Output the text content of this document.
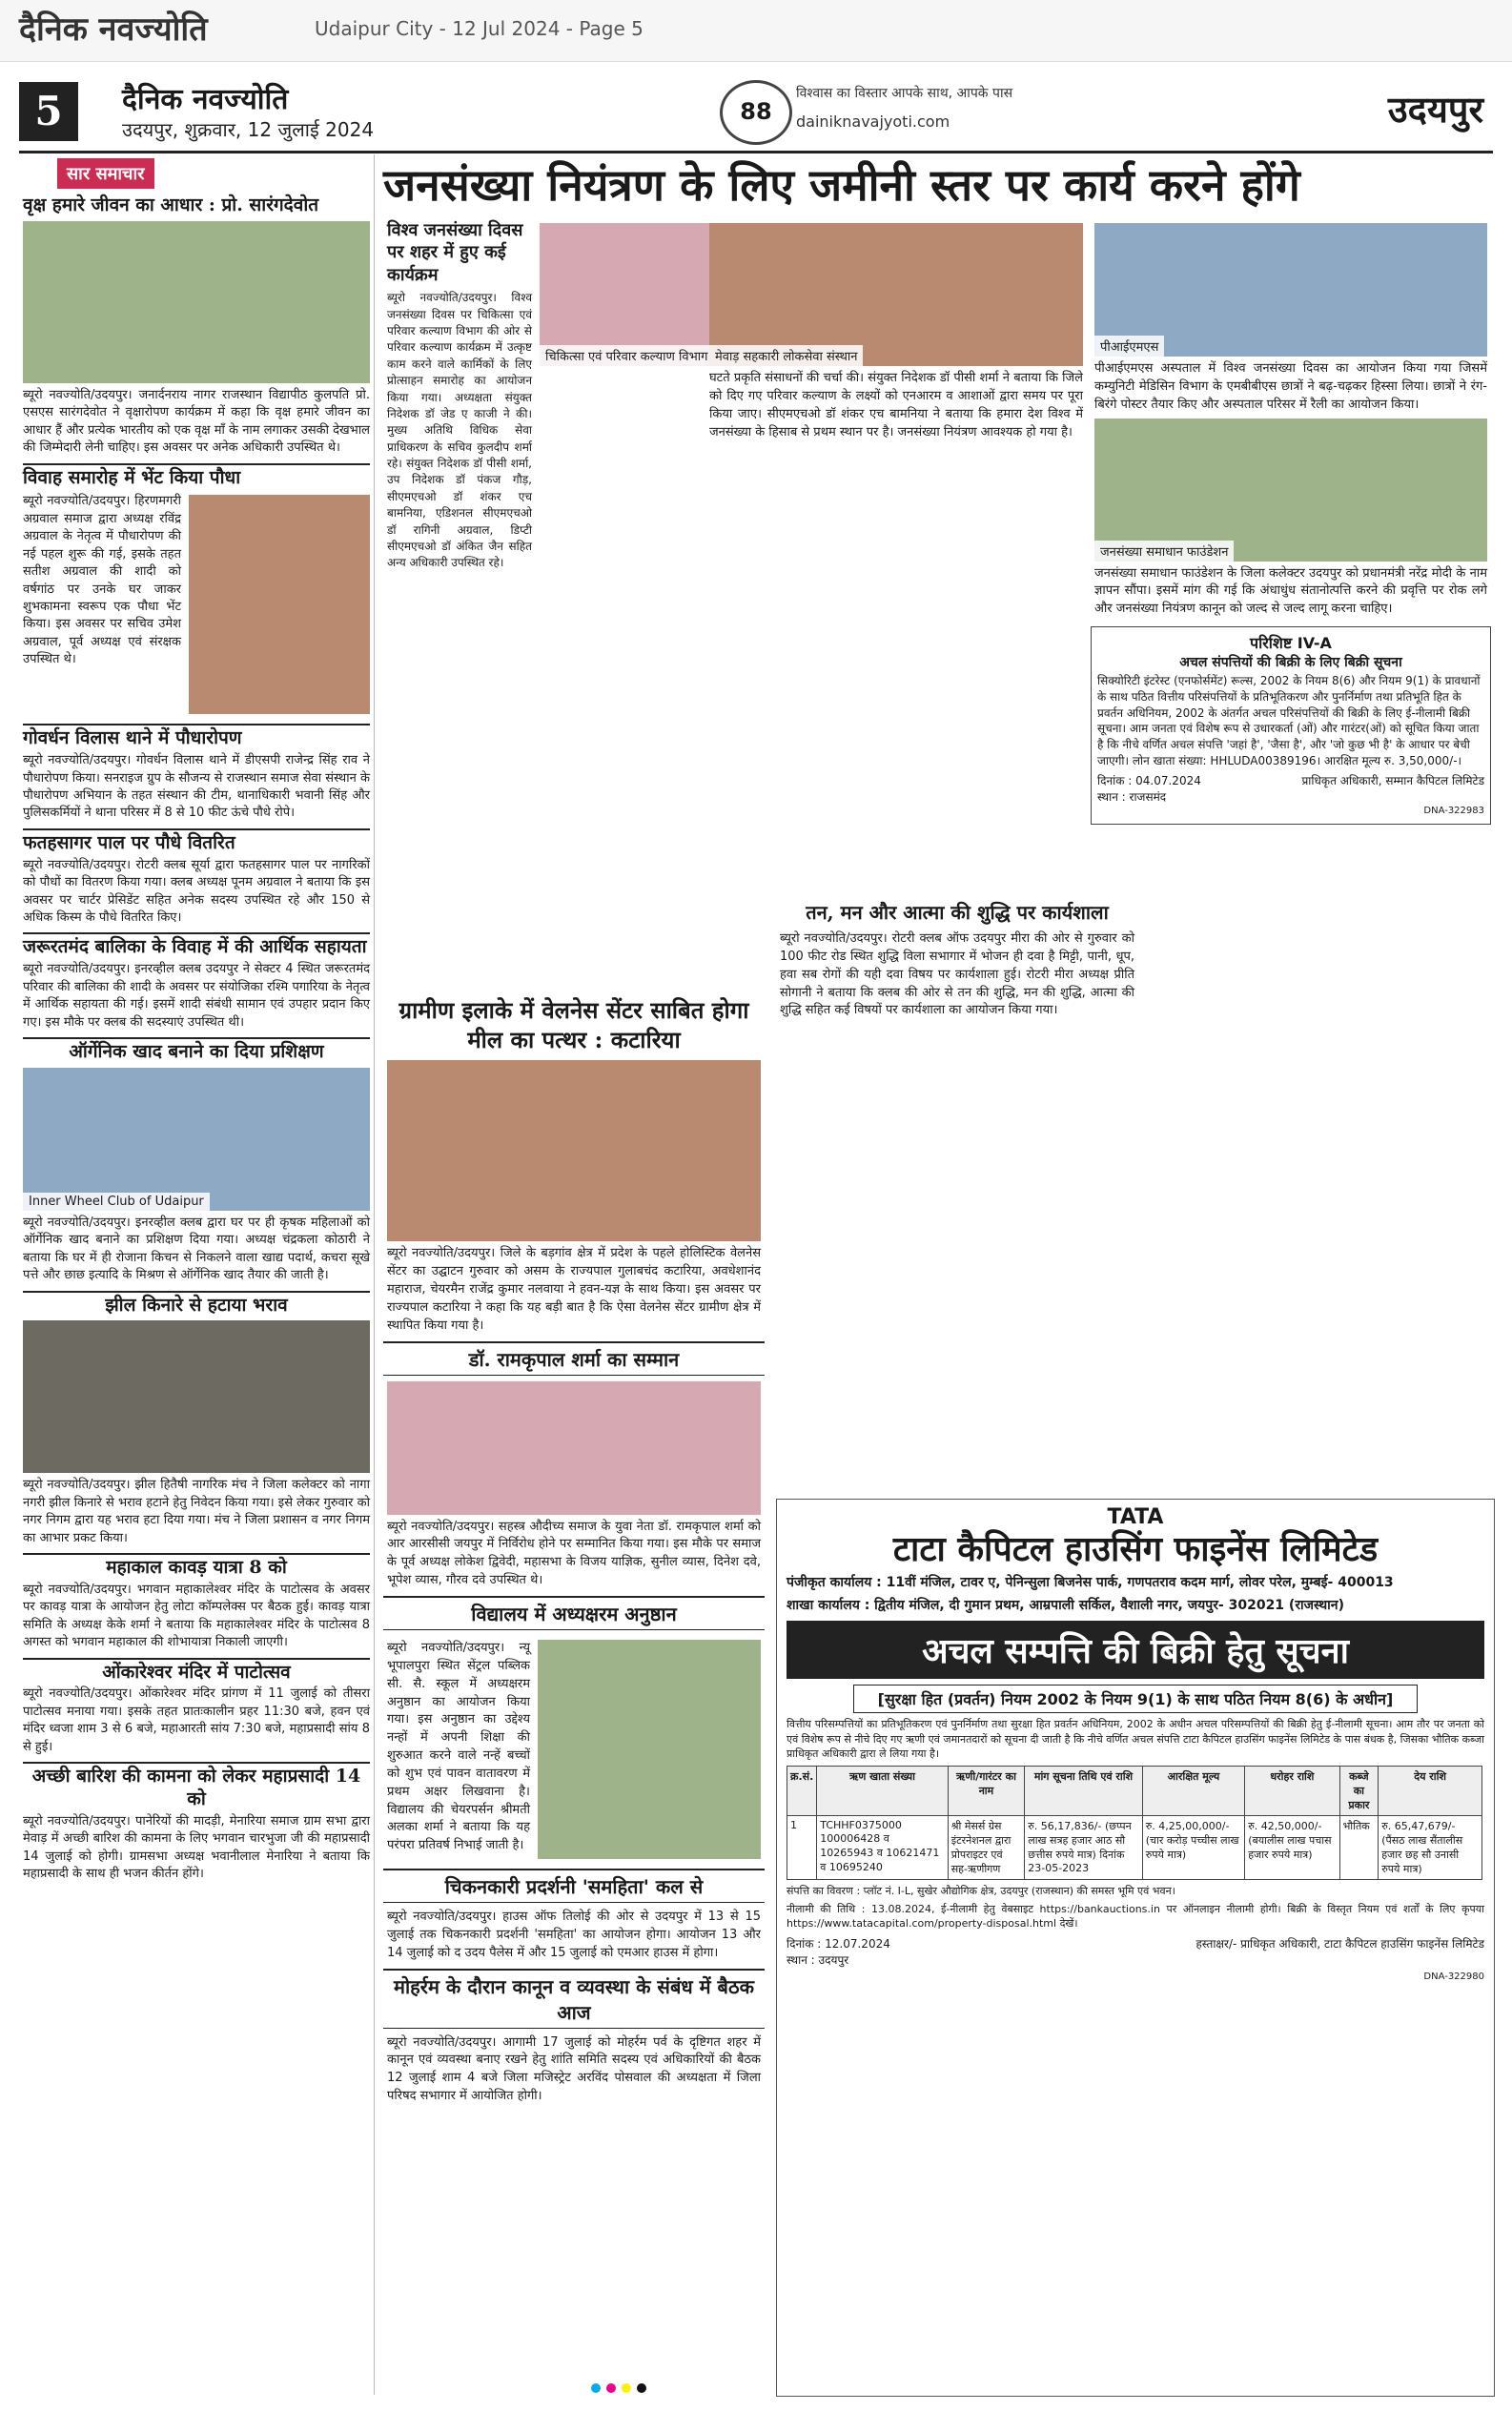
दैनिक नवज्योति	Udaipur City - 12 Jul 2024 - Page 5
5	दैनिक नवज्योति
उदयपुर, शुक्रवार, 12 जुलाई 2024
88
विश्वास का विस्तार आपके साथ, आपके पास
dainiknavajyoti.com	उदयपुर
सार समाचार
वृक्ष हमारे जीवन का आधार : प्रो. सारंगदेवोत
ब्यूरो नवज्योति/उदयपुर। जनार्दनराय नागर राजस्थान विद्यापीठ कुलपति प्रो. एसएस सारंगदेवोत ने वृक्षारोपण कार्यक्रम में कहा कि वृक्ष हमारे जीवन का आधार हैं और प्रत्येक भारतीय को एक वृक्ष माँ के नाम लगाकर उसकी देखभाल की जिम्मेदारी लेनी चाहिए। इस अवसर पर अनेक अधिकारी उपस्थित थे।
विवाह समारोह में भेंट किया पौधा
ब्यूरो नवज्योति/उदयपुर। हिरणमगरी अग्रवाल समाज द्वारा अध्यक्ष रविंद्र अग्रवाल के नेतृत्व में पौधारोपण की नई पहल शुरू की गई, इसके तहत सतीश अग्रवाल की शादी को वर्षगांठ पर उनके घर जाकर शुभकामना स्वरूप एक पौधा भेंट किया। इस अवसर पर सचिव उमेश अग्रवाल, पूर्व अध्यक्ष एवं संरक्षक उपस्थित थे।
गोवर्धन विलास थाने में पौधारोपण
ब्यूरो नवज्योति/उदयपुर। गोवर्धन विलास थाने में डीएसपी राजेन्द्र सिंह राव ने पौधारोपण किया। सनराइज ग्रुप के सौजन्य से राजस्थान समाज सेवा संस्थान के पौधारोपण अभियान के तहत संस्थान की टीम, थानाधिकारी भवानी सिंह और पुलिसकर्मियों ने थाना परिसर में 8 से 10 फीट ऊंचे पौधे रोपे।
फतहसागर पाल पर पौधे वितरित
ब्यूरो नवज्योति/उदयपुर। रोटरी क्लब सूर्या द्वारा फतहसागर पाल पर नागरिकों को पौधों का वितरण किया गया। क्लब अध्यक्ष पूनम अग्रवाल ने बताया कि इस अवसर पर चार्टर प्रेसिडेंट सहित अनेक सदस्य उपस्थित रहे और 150 से अधिक किस्म के पौधे वितरित किए।
जरूरतमंद बालिका के विवाह में की आर्थिक सहायता
ब्यूरो नवज्योति/उदयपुर। इनरव्हील क्लब उदयपुर ने सेक्टर 4 स्थित जरूरतमंद परिवार की बालिका की शादी के अवसर पर संयोजिका रश्मि पगारिया के नेतृत्व में आर्थिक सहायता की गई। इसमें शादी संबंधी सामान एवं उपहार प्रदान किए गए। इस मौके पर क्लब की सदस्याएं उपस्थित थी।
ऑर्गेनिक खाद बनाने का दिया प्रशिक्षण
Inner Wheel Club of Udaipur
ब्यूरो नवज्योति/उदयपुर। इनरव्हील क्लब द्वारा घर पर ही कृषक महिलाओं को ऑर्गेनिक खाद बनाने का प्रशिक्षण दिया गया। अध्यक्ष चंद्रकला कोठारी ने बताया कि घर में ही रोजाना किचन से निकलने वाला खाद्य पदार्थ, कचरा सूखे पत्ते और छाछ इत्यादि के मिश्रण से ऑर्गेनिक खाद तैयार की जाती है।
झील किनारे से हटाया भराव
ब्यूरो नवज्योति/उदयपुर। झील हितैषी नागरिक मंच ने जिला कलेक्टर को नागा नगरी झील किनारे से भराव हटाने हेतु निवेदन किया गया। इसे लेकर गुरुवार को नगर निगम द्वारा यह भराव हटा दिया गया। मंच ने जिला प्रशासन व नगर निगम का आभार प्रकट किया।
महाकाल कावड़ यात्रा 8 को
ब्यूरो नवज्योति/उदयपुर। भगवान महाकालेश्वर मंदिर के पाटोत्सव के अवसर पर कावड़ यात्रा के आयोजन हेतु लोटा कॉम्पलेक्स पर बैठक हुई। कावड़ यात्रा समिति के अध्यक्ष केके शर्मा ने बताया कि महाकालेश्वर मंदिर के पाटोत्सव 8 अगस्त को भगवान महाकाल की शोभायात्रा निकाली जाएगी।
ओंकारेश्वर मंदिर में पाटोत्सव
ब्यूरो नवज्योति/उदयपुर। ओंकारेश्वर मंदिर प्रांगण में 11 जुलाई को तीसरा पाटोत्सव मनाया गया। इसके तहत प्रातःकालीन प्रहर 11:30 बजे, हवन एवं मंदिर ध्वजा शाम 3 से 6 बजे, महाआरती सांय 7:30 बजे, महाप्रसादी सांय 8 से हुई।
अच्छी बारिश की कामना को लेकर महाप्रसादी 14 को
ब्यूरो नवज्योति/उदयपुर। पानेरियों की मादड़ी, मेनारिया समाज ग्राम सभा द्वारा मेवाड़ में अच्छी बारिश की कामना के लिए भगवान चारभुजा जी की महाप्रसादी 14 जुलाई को होगी। ग्रामसभा अध्यक्ष भवानीलाल मेनारिया ने बताया कि महाप्रसादी के साथ ही भजन कीर्तन होंगे।
जनसंख्या नियंत्रण के लिए जमीनी स्तर पर कार्य करने होंगे
विश्व जनसंख्या दिवस पर शहर में हुए कई कार्यक्रम
ब्यूरो नवज्योति/उदयपुर। विश्व जनसंख्या दिवस पर चिकित्सा एवं परिवार कल्याण विभाग की ओर से परिवार कल्याण कार्यक्रम में उत्कृष्ट काम करने वाले कार्मिकों के लिए प्रोत्साहन समारोह का आयोजन किया गया। अध्यक्षता संयुक्त निदेशक डॉ जेड ए काजी ने की। मुख्य अतिथि विधिक सेवा प्राधिकरण के सचिव कुलदीप शर्मा रहे। संयुक्त निदेशक डॉ पीसी शर्मा, उप निदेशक डॉ पंकज गौड़, सीएमएचओ डॉ शंकर एच बामनिया, एडिशनल सीएमएचओ डॉ रागिनी अग्रवाल, डिप्टी सीएमएचओ डॉ अंकित जैन सहित अन्य अधिकारी उपस्थित रहे।
चिकित्सा एवं परिवार कल्याण विभाग मेवाड़ सहकारी लोकसेवा संस्थान
घटते प्रकृति संसाधनों की चर्चा की। संयुक्त निदेशक डॉ पीसी शर्मा ने बताया कि जिले को दिए गए परिवार कल्याण के लक्ष्यों को एनआरम व आशाओं द्वारा समय पर पूरा किया जाए। सीएमएचओ डॉ शंकर एच बामनिया ने बताया कि हमारा देश विश्व में जनसंख्या के हिसाब से प्रथम स्थान पर है। जनसंख्या नियंत्रण आवश्यक हो गया है।
पीआईएमएस
पीआईएमएस अस्पताल में विश्व जनसंख्या दिवस का आयोजन किया गया जिसमें कम्युनिटी मेडिसिन विभाग के एमबीबीएस छात्रों ने बढ़-चढ़कर हिस्सा लिया। छात्रों ने रंग-बिरंगे पोस्टर तैयार किए और अस्पताल परिसर में रैली का आयोजन किया।
जनसंख्या समाधान फाउंडेशन
जनसंख्या समाधान फाउंडेशन के जिला कलेक्टर उदयपुर को प्रधानमंत्री नरेंद्र मोदी के नाम ज्ञापन सौंपा। इसमें मांग की गई कि अंधाधुंध संतानोत्पत्ति करने की प्रवृत्ति पर रोक लगे और जनसंख्या नियंत्रण कानून को जल्द से जल्द लागू करना चाहिए।
परिशिष्ट IV-A
अचल संपत्तियों की बिक्री के लिए बिक्री सूचना
सिक्योरिटी इंटरेस्ट (एनफोर्समेंट) रूल्स, 2002 के नियम 8(6) और नियम 9(1) के प्रावधानों के साथ पठित वित्तीय परिसंपत्तियों के प्रतिभूतिकरण और पुनर्निर्माण तथा प्रतिभूति हित के प्रवर्तन अधिनियम, 2002 के अंतर्गत अचल परिसंपत्तियों की बिक्री के लिए ई-नीलामी बिक्री सूचना। आम जनता एवं विशेष रूप से उधारकर्ता (ओं) और गारंटर(ओं) को सूचित किया जाता है कि नीचे वर्णित अचल संपत्ति 'जहां है', 'जैसा है', और 'जो कुछ भी है' के आधार पर बेची जाएगी। लोन खाता संख्या: HHLUDA00389196। आरक्षित मूल्य रु. 3,50,000/-।
दिनांक : 04.07.2024	प्राधिकृत अधिकारी, सम्मान कैपिटल लिमिटेड
स्थान : राजसमंद
DNA-322983
ग्रामीण इलाके में वेलनेस सेंटर साबित होगा मील का पत्थर : कटारिया
ब्यूरो नवज्योति/उदयपुर। जिले के बड़गांव क्षेत्र में प्रदेश के पहले होलिस्टिक वेलनेस सेंटर का उद्घाटन गुरुवार को असम के राज्यपाल गुलाबचंद कटारिया, अवधेशानंद महाराज, चेयरमैन राजेंद्र कुमार नलवाया ने हवन-यज्ञ के साथ किया। इस अवसर पर राज्यपाल कटारिया ने कहा कि यह बड़ी बात है कि ऐसा वेलनेस सेंटर ग्रामीण क्षेत्र में स्थापित किया गया है।
डॉ. रामकृपाल शर्मा का सम्मान
ब्यूरो नवज्योति/उदयपुर। सहस्त्र औदीच्य समाज के युवा नेता डॉ. रामकृपाल शर्मा को आर आरसीसी जयपुर में निर्विरोध होने पर सम्मानित किया गया। इस मौके पर समाज के पूर्व अध्यक्ष लोकेश द्विवेदी, महासभा के विजय याज्ञिक, सुनील व्यास, दिनेश दवे, भूपेश व्यास, गौरव दवे उपस्थित थे।
विद्यालय में अध्यक्षरम अनुष्ठान
ब्यूरो नवज्योति/उदयपुर। न्यू भूपालपुरा स्थित सेंट्रल पब्लिक सी. सै. स्कूल में अध्यक्षरम अनुष्ठान का आयोजन किया गया। इस अनुष्ठान का उद्देश्य नन्हों में अपनी शिक्षा की शुरुआत करने वाले नन्हें बच्चों को शुभ एवं पावन वातावरण में प्रथम अक्षर लिखवाना है। विद्यालय की चेयरपर्सन श्रीमती अलका शर्मा ने बताया कि यह परंपरा प्रतिवर्ष निभाई जाती है।
चिकनकारी प्रदर्शनी 'समहिता' कल से
ब्यूरो नवज्योति/उदयपुर। हाउस ऑफ तिलोई की ओर से उदयपुर में 13 से 15 जुलाई तक चिकनकारी प्रदर्शनी 'समहिता' का आयोजन होगा। आयोजन 13 और 14 जुलाई को द उदय पैलेस में और 15 जुलाई को एमआर हाउस में होगा।
मोहर्रम के दौरान कानून व व्यवस्था के संबंध में बैठक आज
ब्यूरो नवज्योति/उदयपुर। आगामी 17 जुलाई को मोहर्रम पर्व के दृष्टिगत शहर में कानून एवं व्यवस्था बनाए रखने हेतु शांति समिति सदस्य एवं अधिकारियों की बैठक 12 जुलाई शाम 4 बजे जिला मजिस्ट्रेट अरविंद पोसवाल की अध्यक्षता में जिला परिषद सभागार में आयोजित होगी।
तन, मन और आत्मा की शुद्धि पर कार्यशाला
ब्यूरो नवज्योति/उदयपुर। रोटरी क्लब ऑफ उदयपुर मीरा की ओर से गुरुवार को 100 फीट रोड स्थित शुद्धि विला सभागार में भोजन ही दवा है मिट्टी, पानी, धूप, हवा सब रोगों की यही दवा विषय पर कार्यशाला हुई। रोटरी मीरा अध्यक्ष प्रीति सोगानी ने बताया कि क्लब की ओर से तन की शुद्धि, मन की शुद्धि, आत्मा की शुद्धि सहित कई विषयों पर कार्यशाला का आयोजन किया गया।
TATA
टाटा कैपिटल हाउसिंग फाइनेंस लिमिटेड
पंजीकृत कार्यालय : 11वीं मंजिल, टावर ए, पेनिन्सुला बिजनेस पार्क, गणपतराव कदम मार्ग, लोवर परेल, मुम्बई- 400013
शाखा कार्यालय : द्वितीय मंजिल, दी गुमान प्रथम, आम्रपाली सर्किल, वैशाली नगर, जयपुर- 302021 (राजस्थान)
अचल सम्पत्ति की बिक्री हेतु सूचना
[सुरक्षा हित (प्रवर्तन) नियम 2002 के नियम 9(1) के साथ पठित नियम 8(6) के अधीन]
वित्तीय परिसम्पत्तियों का प्रतिभूतिकरण एवं पुनर्निर्माण तथा सुरक्षा हित प्रवर्तन अधिनियम, 2002 के अधीन अचल परिसम्पत्तियों की बिक्री हेतु ई-नीलामी सूचना। आम तौर पर जनता को एवं विशेष रूप से नीचे दिए गए ऋणी एवं जमानतदारों को सूचना दी जाती है कि नीचे वर्णित अचल संपत्ति टाटा कैपिटल हाउसिंग फाइनेंस लिमिटेड के पास बंधक है, जिसका भौतिक कब्जा प्राधिकृत अधिकारी द्वारा ले लिया गया है।
क्र.सं.	ऋण खाता संख्या	ऋणी/गारंटर का नाम	मांग सूचना तिथि एवं राशि	आरक्षित मूल्य	धरोहर राशि	कब्जे का प्रकार	देय राशि
1	TCHHF0375000 100006428 व 10265943 व 10621471 व 10695240	श्री मेसर्स ग्रेस इंटरनेशनल द्वारा प्रोपराइटर एवं सह-ऋणीगण	रु. 56,17,836/- (छप्पन लाख सत्रह हजार आठ सौ छत्तीस रुपये मात्र) दिनांक 23-05-2023	रु. 4,25,00,000/- (चार करोड़ पच्चीस लाख रुपये मात्र)	रु. 42,50,000/- (बयालीस लाख पचास हजार रुपये मात्र)	भौतिक	रु. 65,47,679/- (पैंसठ लाख सैंतालीस हजार छह सौ उनासी रुपये मात्र)
संपत्ति का विवरण : प्लॉट नं. I-L, सुखेर औद्योगिक क्षेत्र, उदयपुर (राजस्थान) की समस्त भूमि एवं भवन।
नीलामी की तिथि : 13.08.2024, ई-नीलामी हेतु वेबसाइट https://bankauctions.in पर ऑनलाइन नीलामी होगी। बिक्री के विस्तृत नियम एवं शर्तों के लिए कृपया https://www.tatacapital.com/property-disposal.html देखें।
दिनांक : 12.07.2024
स्थान : उदयपुर
हस्ताक्षर/- प्राधिकृत अधिकारी, टाटा कैपिटल हाउसिंग फाइनेंस लिमिटेड
DNA-322980
